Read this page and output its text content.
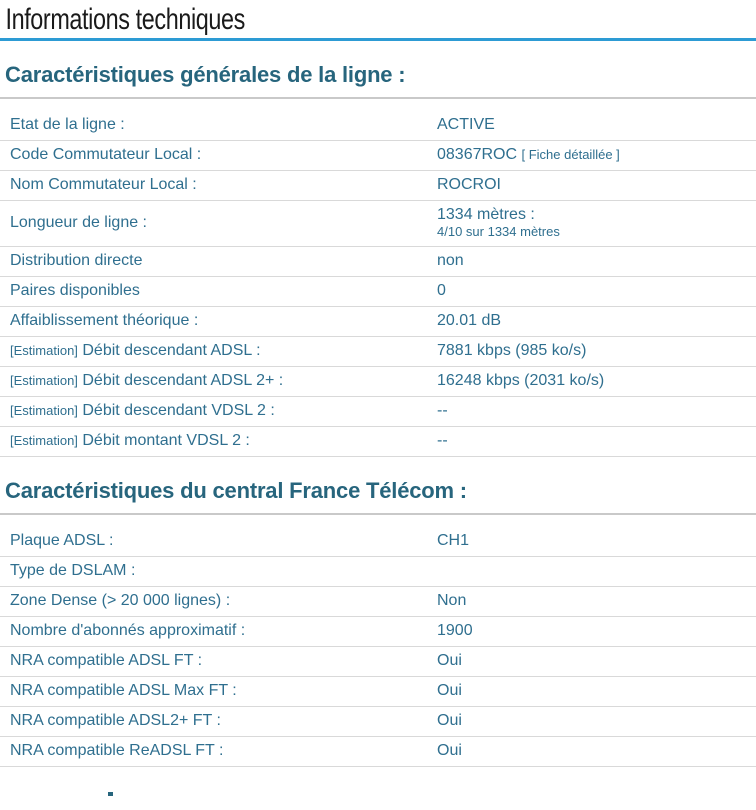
Informations techniques
Caractéristiques générales de la ligne :
Etat de la ligne :	ACTIVE
Code Commutateur Local :	08367ROC [ Fiche détaillée ]
Nom Commutateur Local :	ROCROI
Longueur de ligne :	1334 mètres :
4/10 sur 1334 mètres

Distribution directe	non
Paires disponibles	0
Affaiblissement théorique :	20.01 dB
[Estimation] Débit descendant ADSL :	7881 kbps (985 ko/s)
[Estimation] Débit descendant ADSL 2+ :	16248 kbps (2031 ko/s)
[Estimation] Débit descendant VDSL 2 :	--
[Estimation] Débit montant VDSL 2 :	--
Caractéristiques du central France Télécom :
Plaque ADSL :	CH1
Type de DSLAM :	
Zone Dense (> 20 000 lignes) :	Non
Nombre d'abonnés approximatif :	1900
NRA compatible ADSL FT :	Oui
NRA compatible ADSL Max FT :	Oui
NRA compatible ADSL2+ FT :	Oui
NRA compatible ReADSL FT :	Oui
